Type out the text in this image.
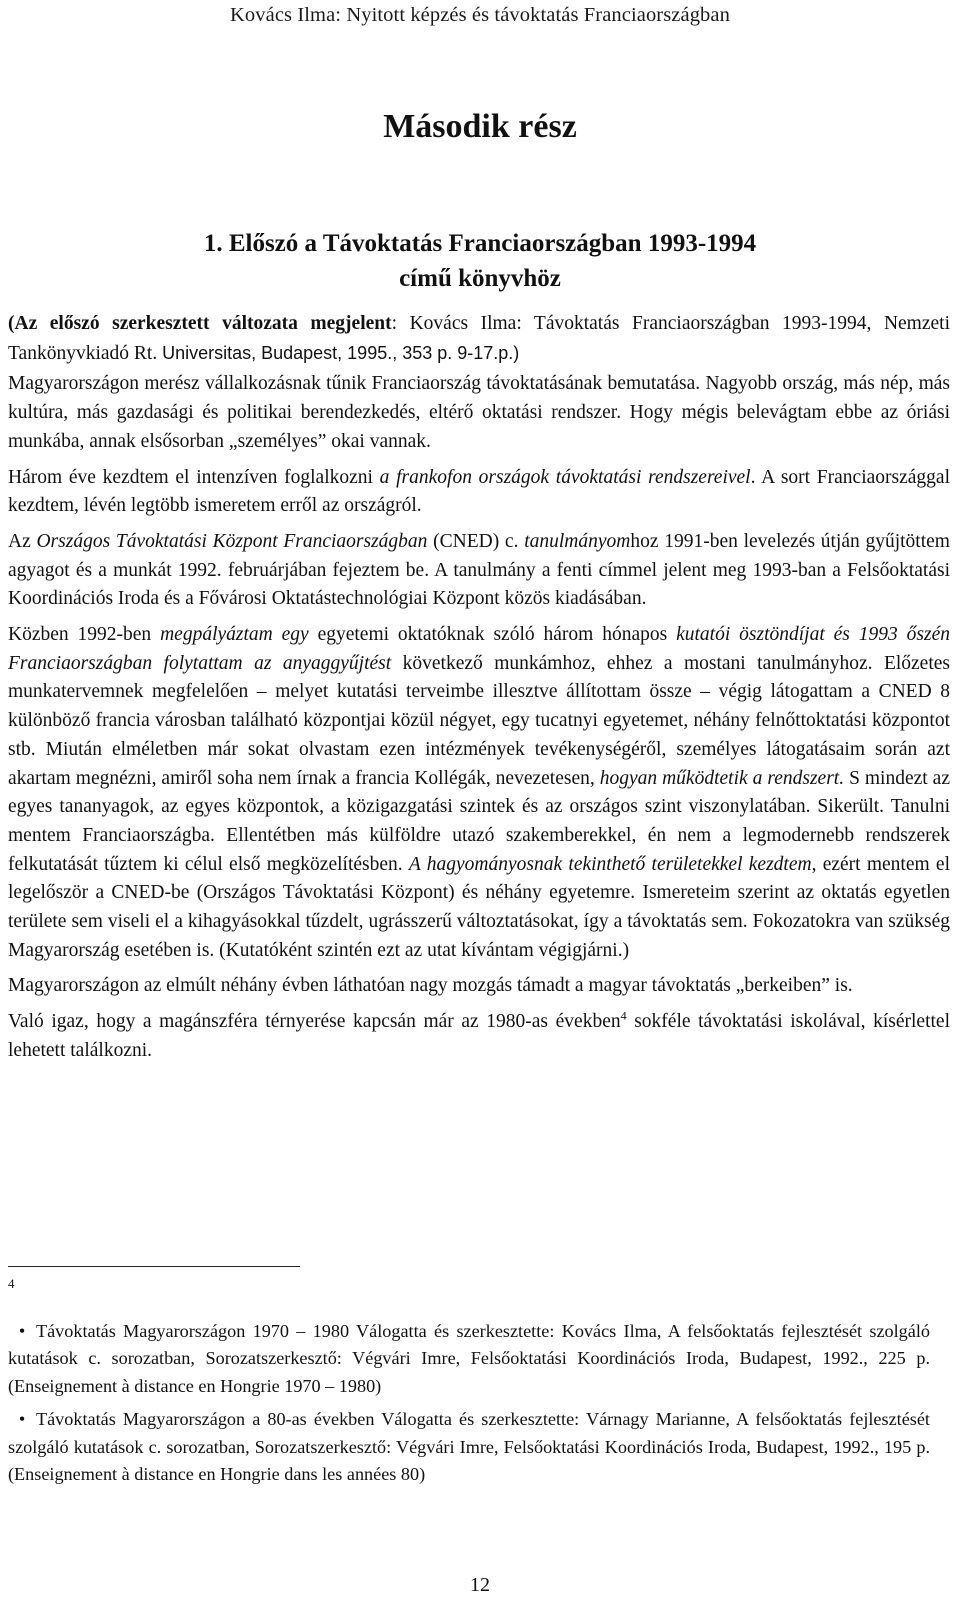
Kovács Ilma: Nyitott képzés és távoktatás Franciaországban
Második rész
1. Előszó a Távoktatás Franciaországban 1993-1994
című könyvhöz

(Az előszó szerkesztett változata megjelent: Kovács Ilma: Távoktatás Franciaországban 1993-1994, Nemzeti Tankönyvkiadó Rt. Universitas, Budapest, 1995., 353 p. 9-17.p.)

Magyarországon merész vállalkozásnak tűnik Franciaország távoktatásának bemutatása. Nagyobb ország, más nép, más kultúra, más gazdasági és politikai berendezkedés, eltérő oktatási rendszer. Hogy mégis belevágtam ebbe az óriási munkába, annak elsősorban „személyes” okai vannak.

Három éve kezdtem el intenzíven foglalkozni a frankofon országok távoktatási rendszereivel. A sort Franciaországgal kezdtem, lévén legtöbb ismeretem erről az országról.

Az Országos Távoktatási Központ Franciaországban (CNED) c. tanulmányomhoz 1991-ben levelezés útján gyűjtöttem agyagot és a munkát 1992. februárjában fejeztem be. A tanulmány a fenti címmel jelent meg 1993-ban a Felsőoktatási Koordinációs Iroda és a Fővárosi Oktatástechnológiai Központ közös kiadásában.

Közben 1992-ben megpályáztam egy egyetemi oktatóknak szóló három hónapos kutatói ösztöndíjat és 1993 őszén Franciaországban folytattam az anyaggyűjtést következő munkámhoz, ehhez a mostani tanulmányhoz. Előzetes munkatervemnek megfelelően – melyet kutatási terveimbe illesztve állítottam össze – végig látogattam a CNED 8 különböző francia városban található központjai közül négyet, egy tucatnyi egyetemet, néhány felnőttoktatási központot stb. Miután elméletben már sokat olvastam ezen intézmények tevékenységéről, személyes látogatásaim során azt akartam megnézni, amiről soha nem írnak a francia Kollégák, nevezetesen, hogyan működtetik a rendszert. S mindezt az egyes tananyagok, az egyes központok, a közigazgatási szintek és az országos szint viszonylatában. Sikerült. Tanulni mentem Franciaországba. Ellentétben más külföldre utazó szakemberekkel, én nem a legmodernebb rendszerek felkutatását tűztem ki célul első megközelítésben. A hagyományosnak tekinthető területekkel kezdtem, ezért mentem el legelőször a CNED-be (Országos Távoktatási Központ) és néhány egyetemre. Ismereteim szerint az oktatás egyetlen területe sem viseli el a kihagyásokkal tűzdelt, ugrásszerű változtatásokat, így a távoktatás sem. Fokozatokra van szükség Magyarország esetében is. (Kutatóként szintén ezt az utat kívántam végigjárni.)

Magyarországon az elmúlt néhány évben láthatóan nagy mozgás támadt a magyar távoktatás „berkeiben” is.

Való igaz, hogy a magánszféra térnyerése kapcsán már az 1980-as években$^4$ sokféle távoktatási iskolával, kísérlettel lehetett találkozni.

4
• Távoktatás Magyarországon 1970 – 1980 Válogatta és szerkesztette: Kovács Ilma, A felsőoktatás fejlesztését szolgáló kutatások c. sorozatban, Sorozatszerkesztő: Végvári Imre, Felsőoktatási Koordinációs Iroda, Budapest, 1992., 225 p. (Enseignement à distance en Hongrie 1970 – 1980)
• Távoktatás Magyarországon a 80-as években Válogatta és szerkesztette: Várnagy Marianne, A felsőoktatás fejlesztését szolgáló kutatások c. sorozatban, Sorozatszerkesztő: Végvári Imre, Felsőoktatási Koordinációs Iroda, Budapest, 1992., 195 p. (Enseignement à distance en Hongrie dans les années 80)
12
